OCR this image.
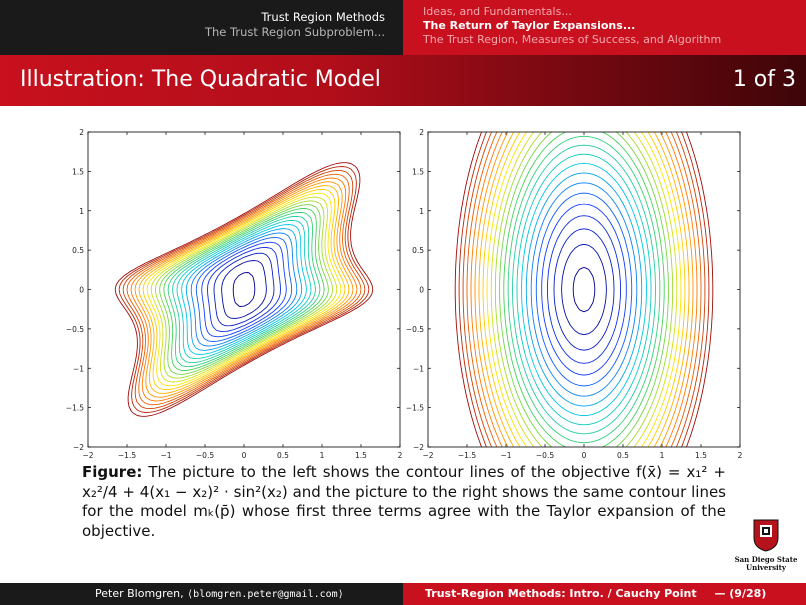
Trust Region Methods
The Trust Region Subproblem...
Ideas, and Fundamentals...
The Return of Taylor Expansions...
The Trust Region, Measures of Success, and Algorithm
Illustration: The Quadratic Model	1 of 3
−2	−1.5	−1	−0.5	0	0.5	1	1.5	2
2
1.5
1
0.5
0
−0.5
−1
−1.5
−2
−2	−1.5	−1	−0.5	0	0.5	1	1.5	2
2
1.5
1
0.5
0
−0.5
−1
−1.5
−2
Figure: The picture to the left shows the contour lines of the objective f(x̄) = x₁² + x₂²/4 + 4(x₁ − x₂)² · sin²(x₂) and the picture to the right shows the same contour lines for the model mₖ(p̄) whose first three terms agree with the Taylor expansion of the objective.
San Diego State
University
Peter Blomgren, ⟨blomgren.peter@gmail.com⟩	Trust-Region Methods: Intro. / Cauchy Point — (9/28)
